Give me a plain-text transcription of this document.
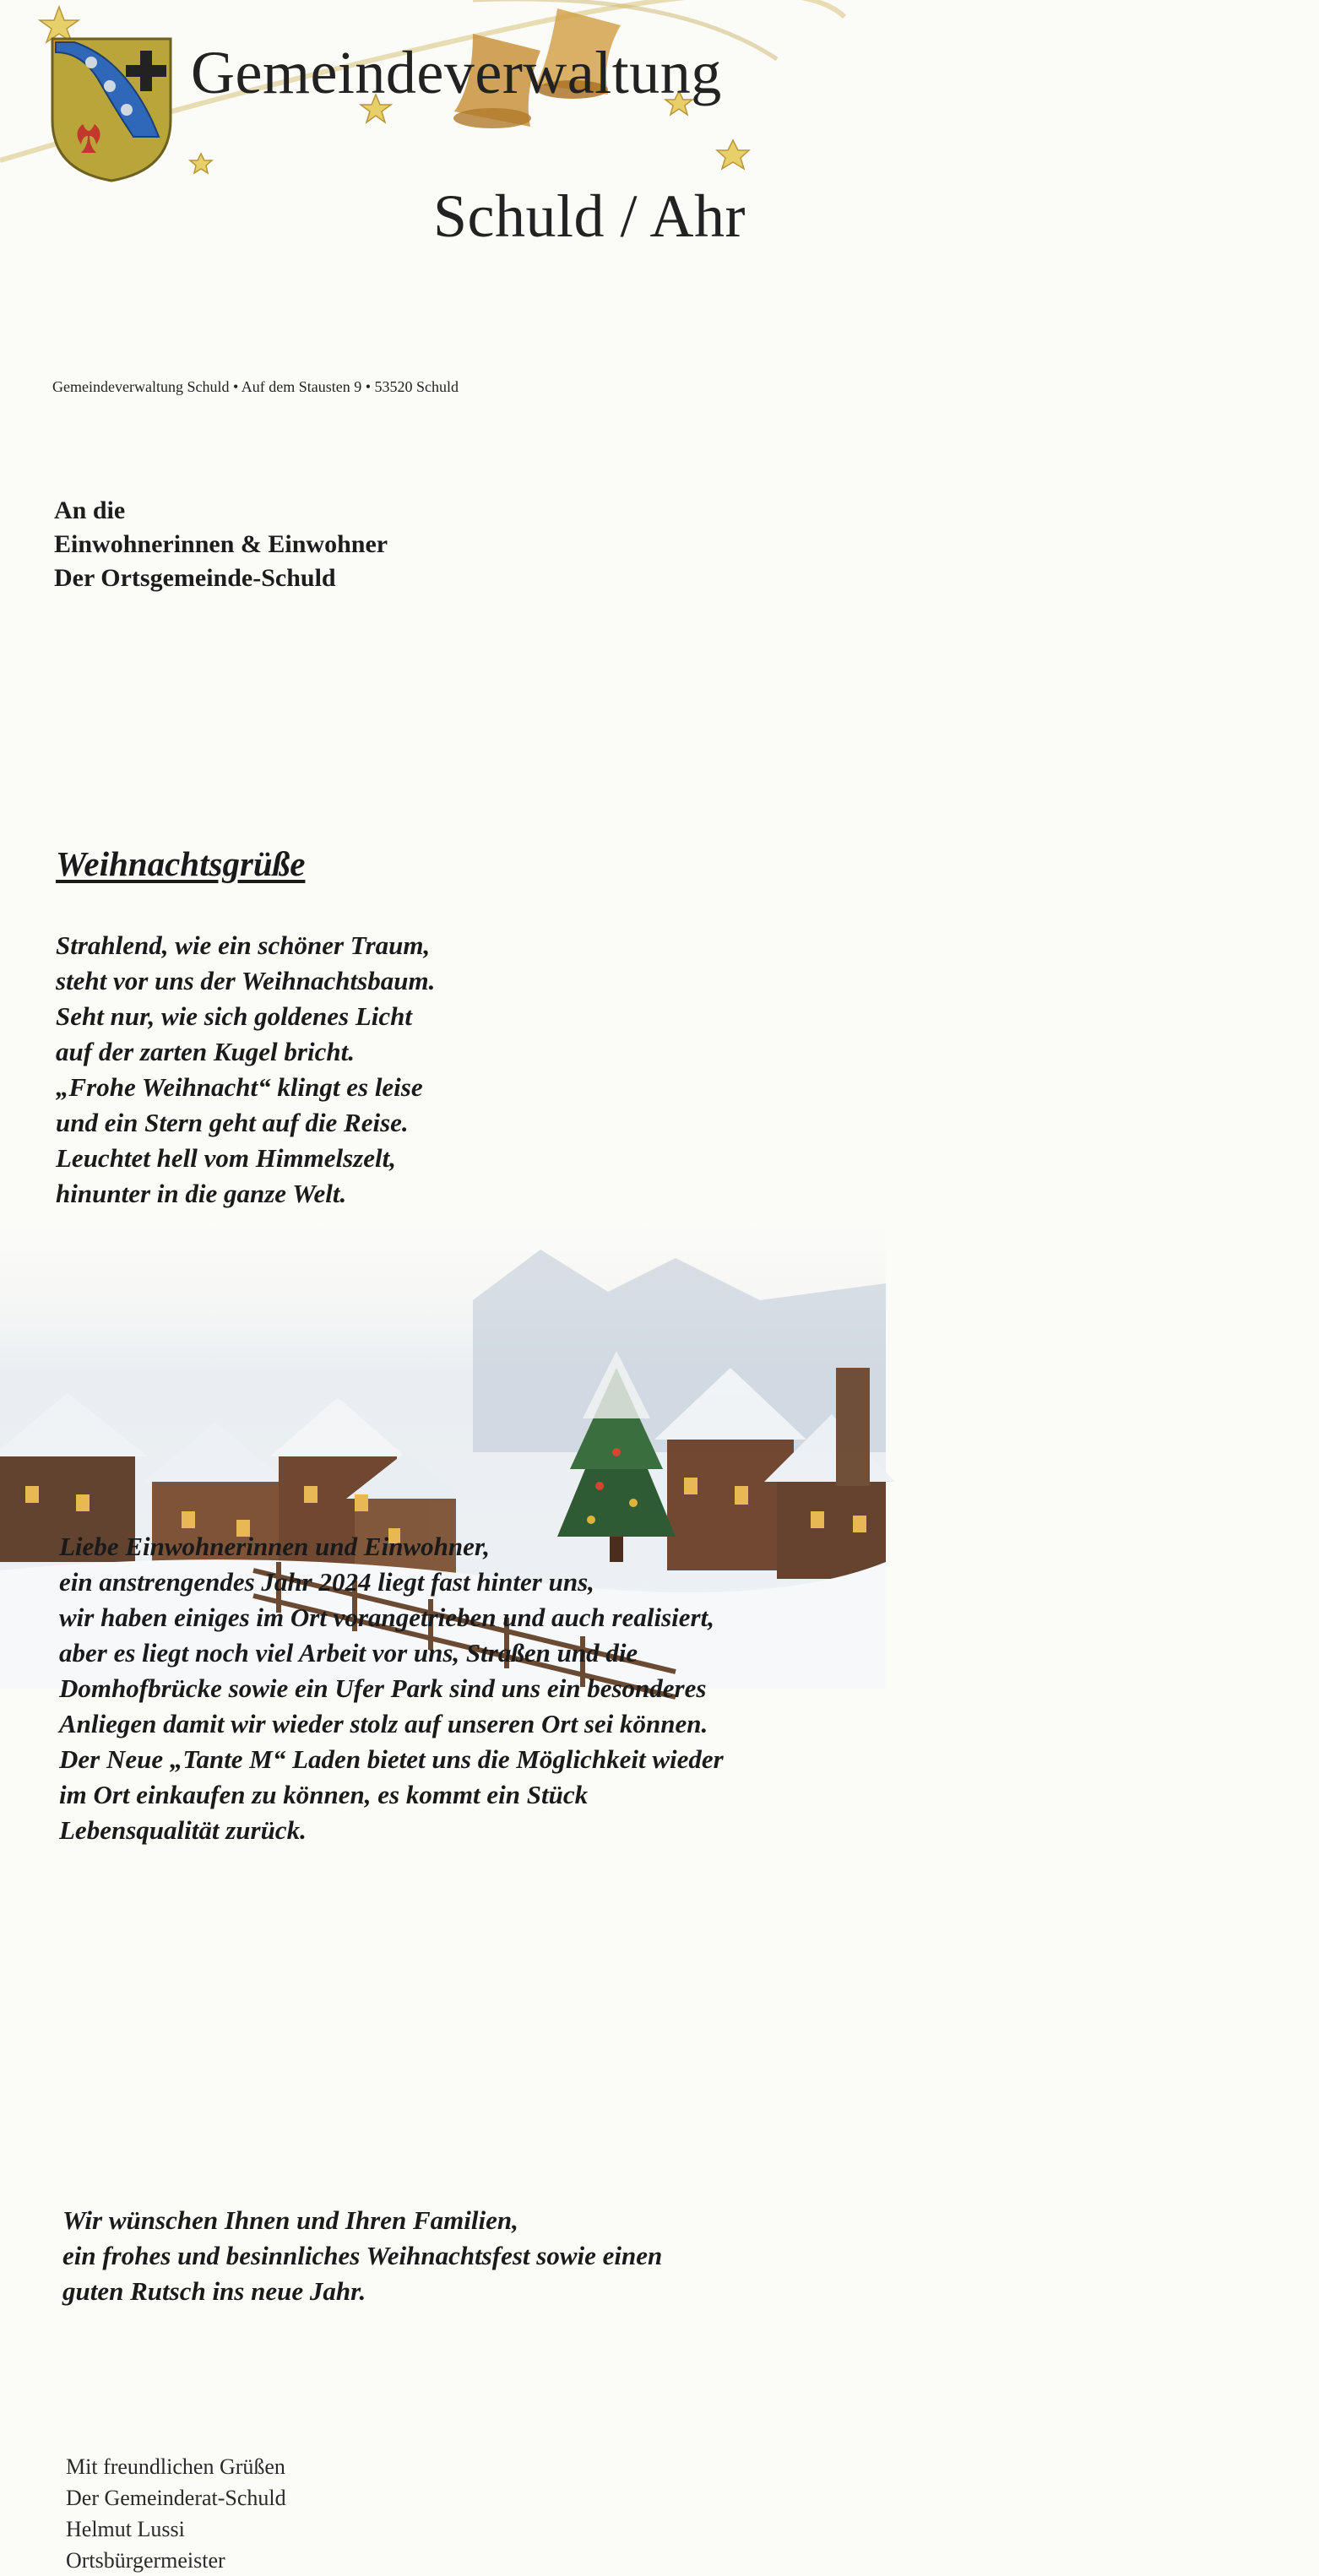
Gemeindeverwaltung
Schuld / Ahr
Gemeindeverwaltung Schuld • Auf dem Stausten 9 • 53520 Schuld
An die
Einwohnerinnen & Einwohner
Der Ortsgemeinde-Schuld
Weihnachtsgrüße
Strahlend, wie ein schöner Traum,
steht vor uns der Weihnachtsbaum.
Seht nur, wie sich goldenes Licht
auf der zarten Kugel bricht.
„Frohe Weihnacht“ klingt es leise
und ein Stern geht auf die Reise.
Leuchtet hell vom Himmelszelt,
hinunter in die ganze Welt.
Liebe Einwohnerinnen und Einwohner,
ein anstrengendes Jahr 2024 liegt fast hinter uns,
wir haben einiges im Ort vorangetrieben und auch realisiert,
aber es liegt noch viel Arbeit vor uns, Straßen und die
Domhofbrücke sowie ein Ufer Park sind uns ein besonderes
Anliegen damit wir wieder stolz auf unseren Ort sei können.
Der Neue „Tante M“ Laden bietet uns die Möglichkeit wieder
im Ort einkaufen zu können, es kommt ein Stück
Lebensqualität zurück.
Wir wünschen Ihnen und Ihren Familien,
ein frohes und besinnliches Weihnachtsfest sowie einen
guten Rutsch ins neue Jahr.
Mit freundlichen Grüßen
Der Gemeinderat-Schuld
Helmut Lussi
Ortsbürgermeister
